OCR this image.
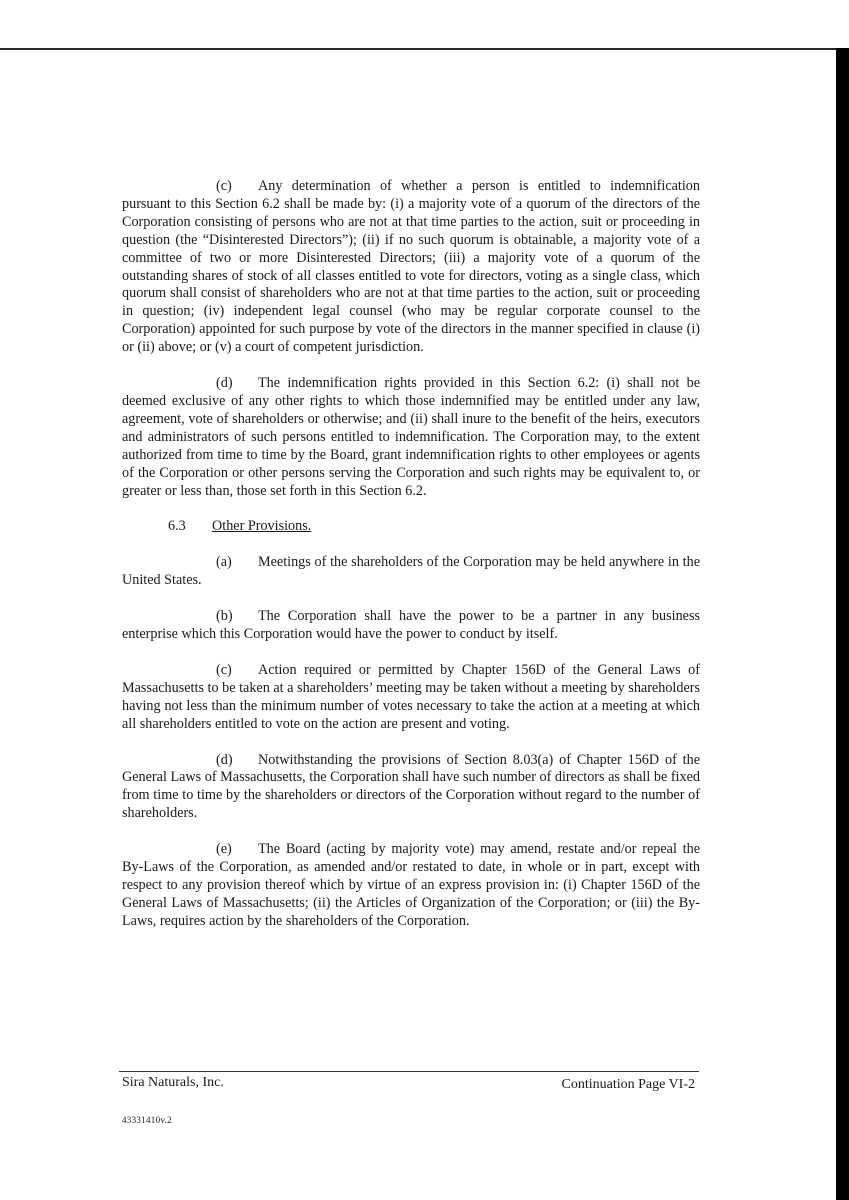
(c) Any determination of whether a person is entitled to indemnification pursuant to this Section 6.2 shall be made by: (i) a majority vote of a quorum of the directors of the Corporation consisting of persons who are not at that time parties to the action, suit or proceeding in question (the “Disinterested Directors”); (ii) if no such quorum is obtainable, a majority vote of a committee of two or more Disinterested Directors; (iii) a majority vote of a quorum of the outstanding shares of stock of all classes entitled to vote for directors, voting as a single class, which quorum shall consist of shareholders who are not at that time parties to the action, suit or proceeding in question; (iv) independent legal counsel (who may be regular corporate counsel to the Corporation) appointed for such purpose by vote of the directors in the manner specified in clause (i) or (ii) above; or (v) a court of competent jurisdiction.

(d) The indemnification rights provided in this Section 6.2: (i) shall not be deemed exclusive of any other rights to which those indemnified may be entitled under any law, agreement, vote of shareholders or otherwise; and (ii) shall inure to the benefit of the heirs, executors and administrators of such persons entitled to indemnification. The Corporation may, to the extent authorized from time to time by the Board, grant indemnification rights to other employees or agents of the Corporation or other persons serving the Corporation and such rights may be equivalent to, or greater or less than, those set forth in this Section 6.2.

6.3 Other Provisions.

(a) Meetings of the shareholders of the Corporation may be held anywhere in the United States.

(b) The Corporation shall have the power to be a partner in any business enterprise which this Corporation would have the power to conduct by itself.

(c) Action required or permitted by Chapter 156D of the General Laws of Massachusetts to be taken at a shareholders’ meeting may be taken without a meeting by shareholders having not less than the minimum number of votes necessary to take the action at a meeting at which all shareholders entitled to vote on the action are present and voting.

(d) Notwithstanding the provisions of Section 8.03(a) of Chapter 156D of the General Laws of Massachusetts, the Corporation shall have such number of directors as shall be fixed from time to time by the shareholders or directors of the Corporation without regard to the number of shareholders.

(e) The Board (acting by majority vote) may amend, restate and/or repeal the By-Laws of the Corporation, as amended and/or restated to date, in whole or in part, except with respect to any provision thereof which by virtue of an express provision in: (i) Chapter 156D of the General Laws of Massachusetts; (ii) the Articles of Organization of the Corporation; or (iii) the By-Laws, requires action by the shareholders of the Corporation.

Sira Naturals, Inc.	Continuation Page VI-2
43331410v.2
